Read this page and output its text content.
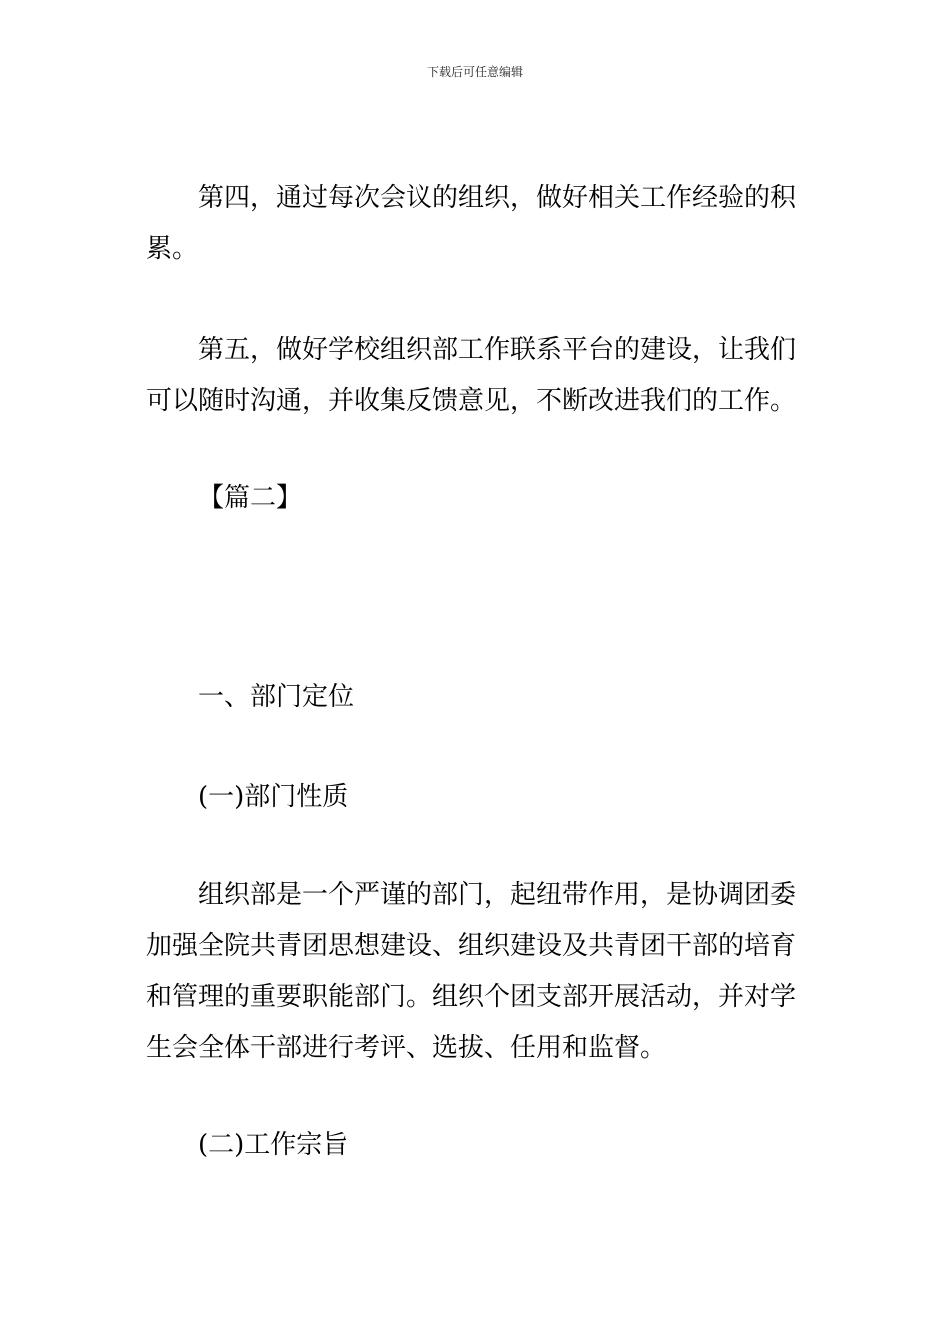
下载后可任意编辑

第四，通过每次会议的组织，做好相关工作经验的积累。

第五，做好学校组织部工作联系平台的建设，让我们可以随时沟通，并收集反馈意见，不断改进我们的工作。

【篇二】
一、部门定位
(一)部门性质

组织部是一个严谨的部门，起纽带作用，是协调团委加强全院共青团思想建设、组织建设及共青团干部的培育和管理的重要职能部门。组织个团支部开展活动，并对学生会全体干部进行考评、选拔、任用和监督。

(二)工作宗旨
